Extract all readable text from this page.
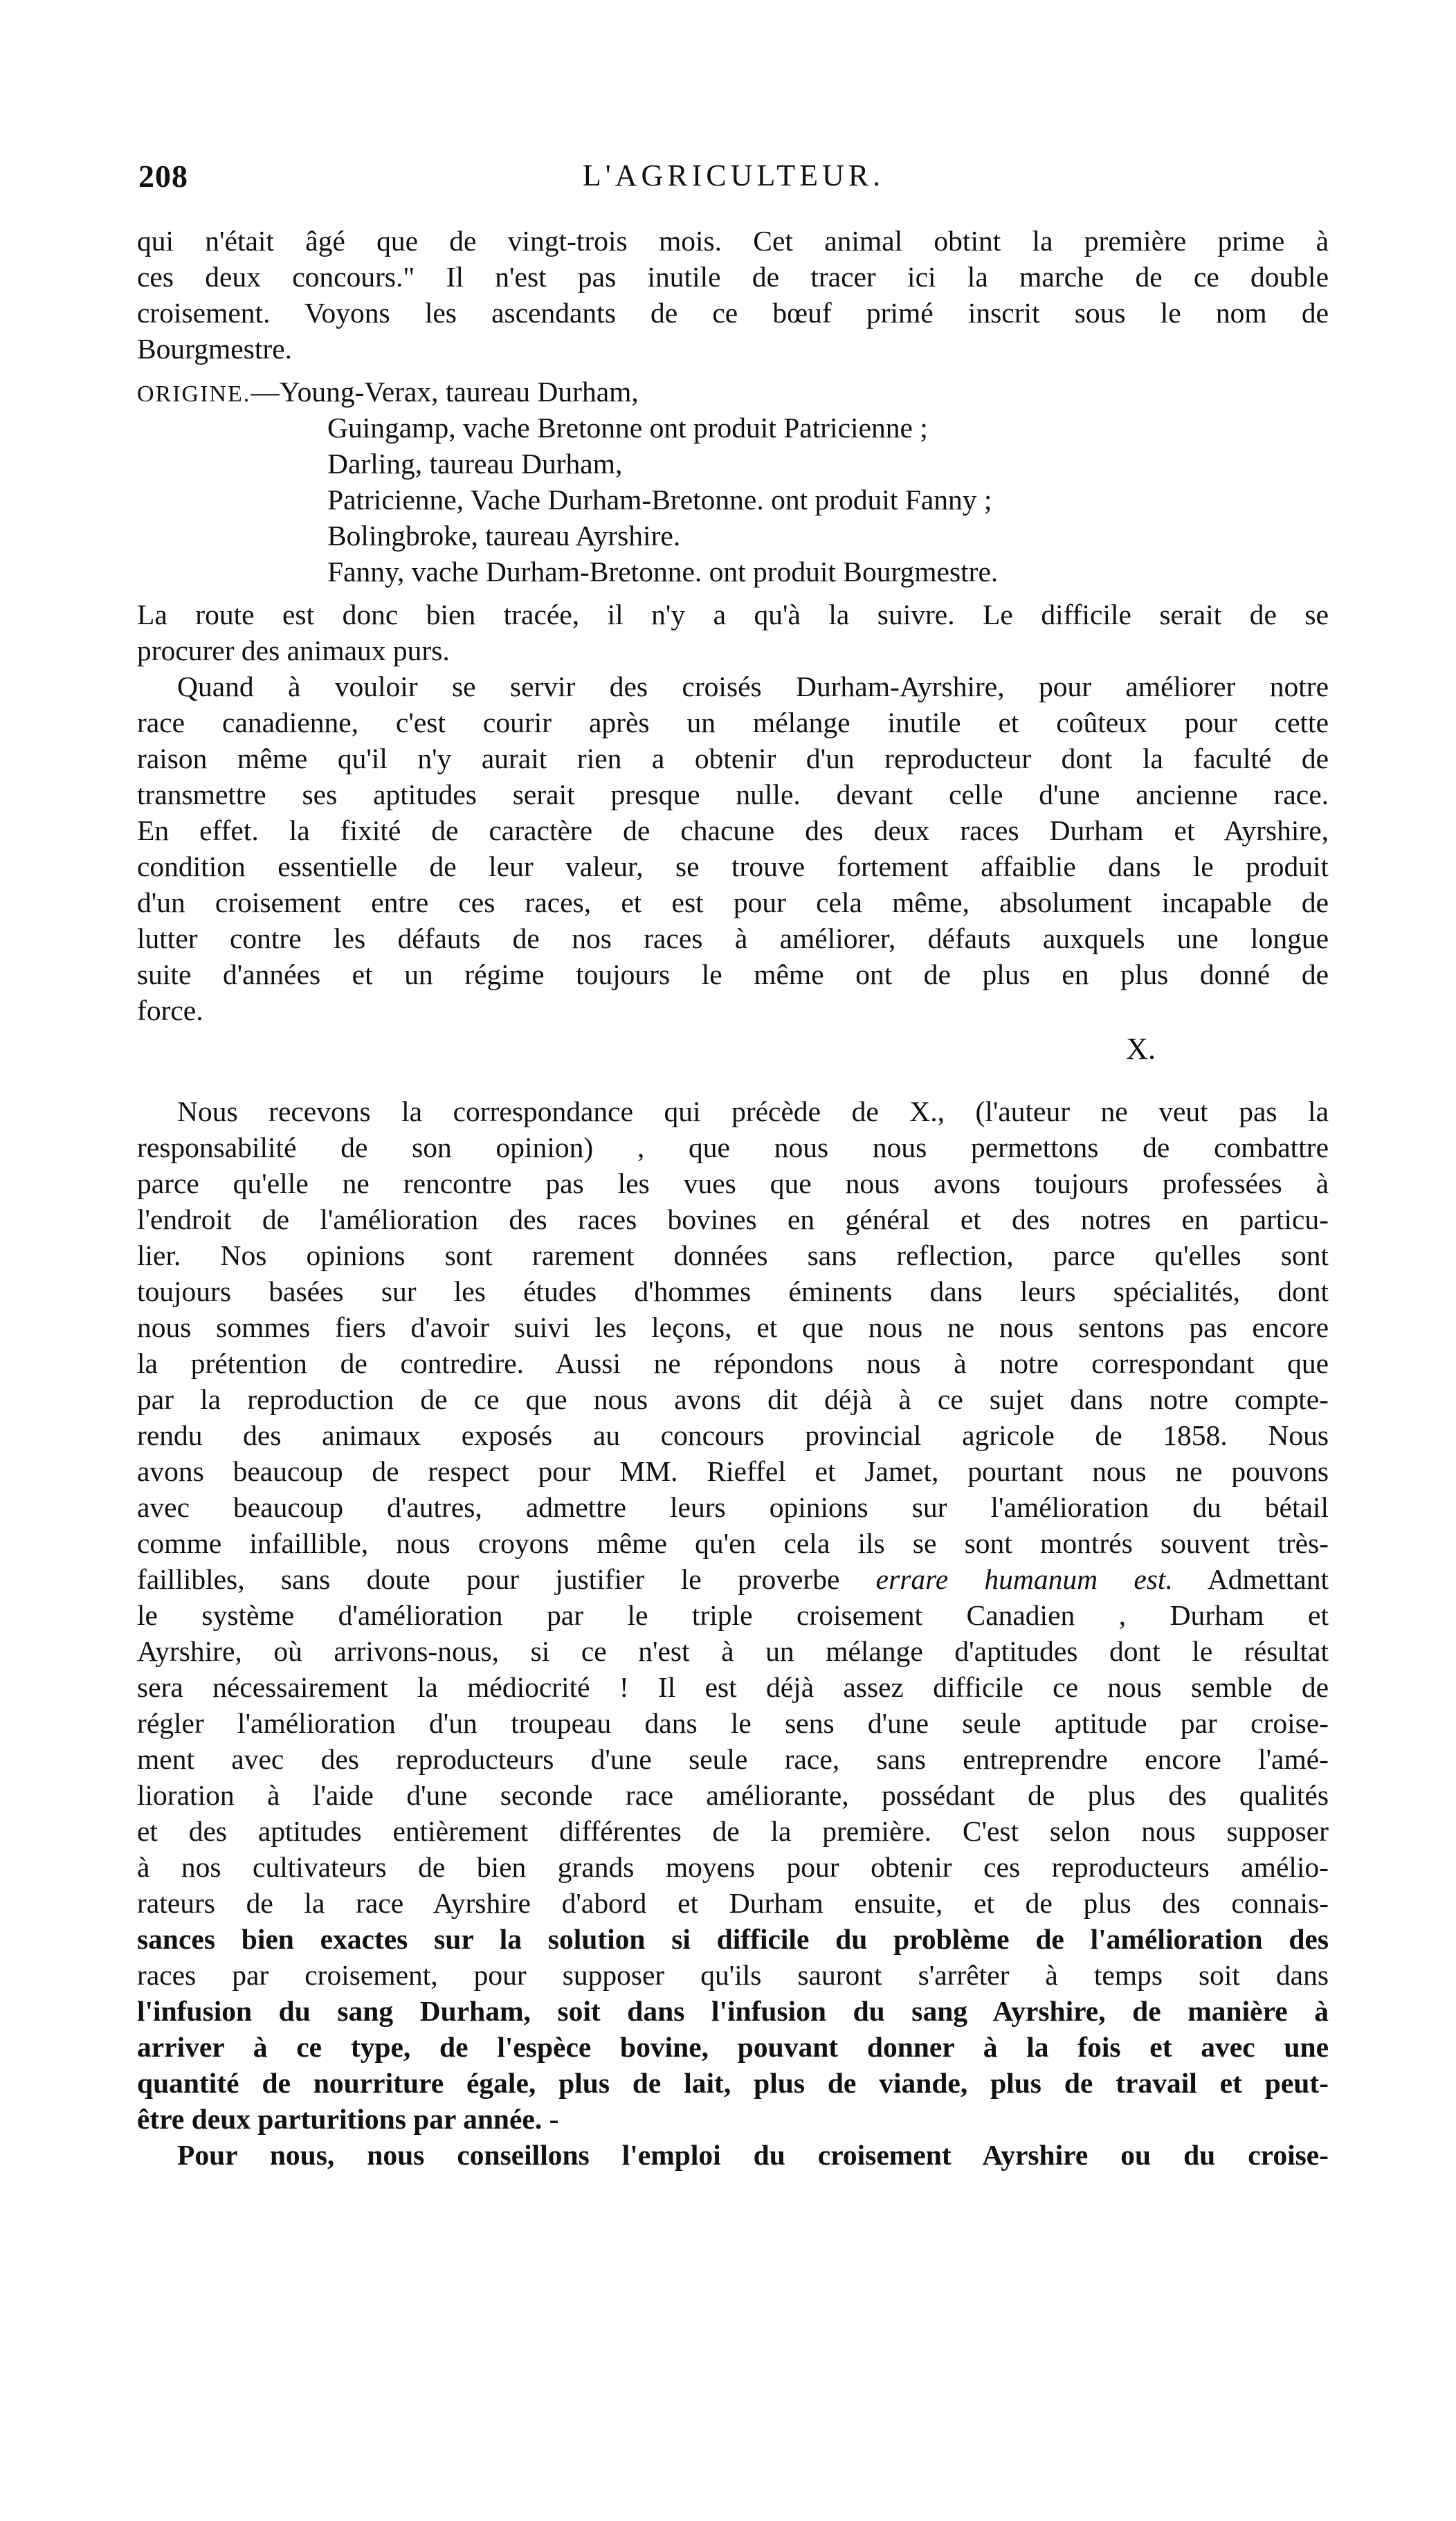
208	L'AGRICULTEUR.
qui n'était âgé que de vingt-trois mois. Cet animal obtint la première prime à
ces deux concours." Il n'est pas inutile de tracer ici la marche de ce double
croisement. Voyons les ascendants de ce bœuf primé inscrit sous le nom de
Bourgmestre.
ORIGINE.—Young-Verax, taureau Durham,
Guingamp, vache Bretonne ont produit Patricienne ;
Darling, taureau Durham,
Patricienne, Vache Durham-Bretonne. ont produit Fanny ;
Bolingbroke, taureau Ayrshire.
Fanny, vache Durham-Bretonne. ont produit Bourgmestre.
La route est donc bien tracée, il n'y a qu'à la suivre. Le difficile serait de se
procurer des animaux purs.
Quand à vouloir se servir des croisés Durham-Ayrshire, pour améliorer notre
race canadienne, c'est courir après un mélange inutile et coûteux pour cette
raison même qu'il n'y aurait rien a obtenir d'un reproducteur dont la faculté de
transmettre ses aptitudes serait presque nulle. devant celle d'une ancienne race.
En effet. la fixité de caractère de chacune des deux races Durham et Ayrshire,
condition essentielle de leur valeur, se trouve fortement affaiblie dans le produit
d'un croisement entre ces races, et est pour cela même, absolument incapable de
lutter contre les défauts de nos races à améliorer, défauts auxquels une longue
suite d'années et un régime toujours le même ont de plus en plus donné de
force.
X.
Nous recevons la correspondance qui précède de X., (l'auteur ne veut pas la
responsabilité de son opinion) , que nous nous permettons de combattre
parce qu'elle ne rencontre pas les vues que nous avons toujours professées à
l'endroit de l'amélioration des races bovines en général et des notres en particu-
lier. Nos opinions sont rarement données sans reflection, parce qu'elles sont
toujours basées sur les études d'hommes éminents dans leurs spécialités, dont
nous sommes fiers d'avoir suivi les leçons, et que nous ne nous sentons pas encore
la prétention de contredire. Aussi ne répondons nous à notre correspondant que
par la reproduction de ce que nous avons dit déjà à ce sujet dans notre compte-
rendu des animaux exposés au concours provincial agricole de 1858. Nous
avons beaucoup de respect pour MM. Rieffel et Jamet, pourtant nous ne pouvons
avec beaucoup d'autres, admettre leurs opinions sur l'amélioration du bétail
comme infaillible, nous croyons même qu'en cela ils se sont montrés souvent très-
faillibles, sans doute pour justifier le proverbe errare humanum est. Admettant
le système d'amélioration par le triple croisement Canadien , Durham et
Ayrshire, où arrivons-nous, si ce n'est à un mélange d'aptitudes dont le résultat
sera nécessairement la médiocrité ! Il est déjà assez difficile ce nous semble de
régler l'amélioration d'un troupeau dans le sens d'une seule aptitude par croise-
ment avec des reproducteurs d'une seule race, sans entreprendre encore l'amé-
lioration à l'aide d'une seconde race améliorante, possédant de plus des qualités
et des aptitudes entièrement différentes de la première. C'est selon nous supposer
à nos cultivateurs de bien grands moyens pour obtenir ces reproducteurs amélio-
rateurs de la race Ayrshire d'abord et Durham ensuite, et de plus des connais-
sances bien exactes sur la solution si difficile du problème de l'amélioration des
races par croisement, pour supposer qu'ils sauront s'arrêter à temps soit dans
l'infusion du sang Durham, soit dans l'infusion du sang Ayrshire, de manière à
arriver à ce type, de l'espèce bovine, pouvant donner à la fois et avec une
quantité de nourriture égale, plus de lait, plus de viande, plus de travail et peut-
être deux parturitions par année. -
Pour nous, nous conseillons l'emploi du croisement Ayrshire ou du croise-
